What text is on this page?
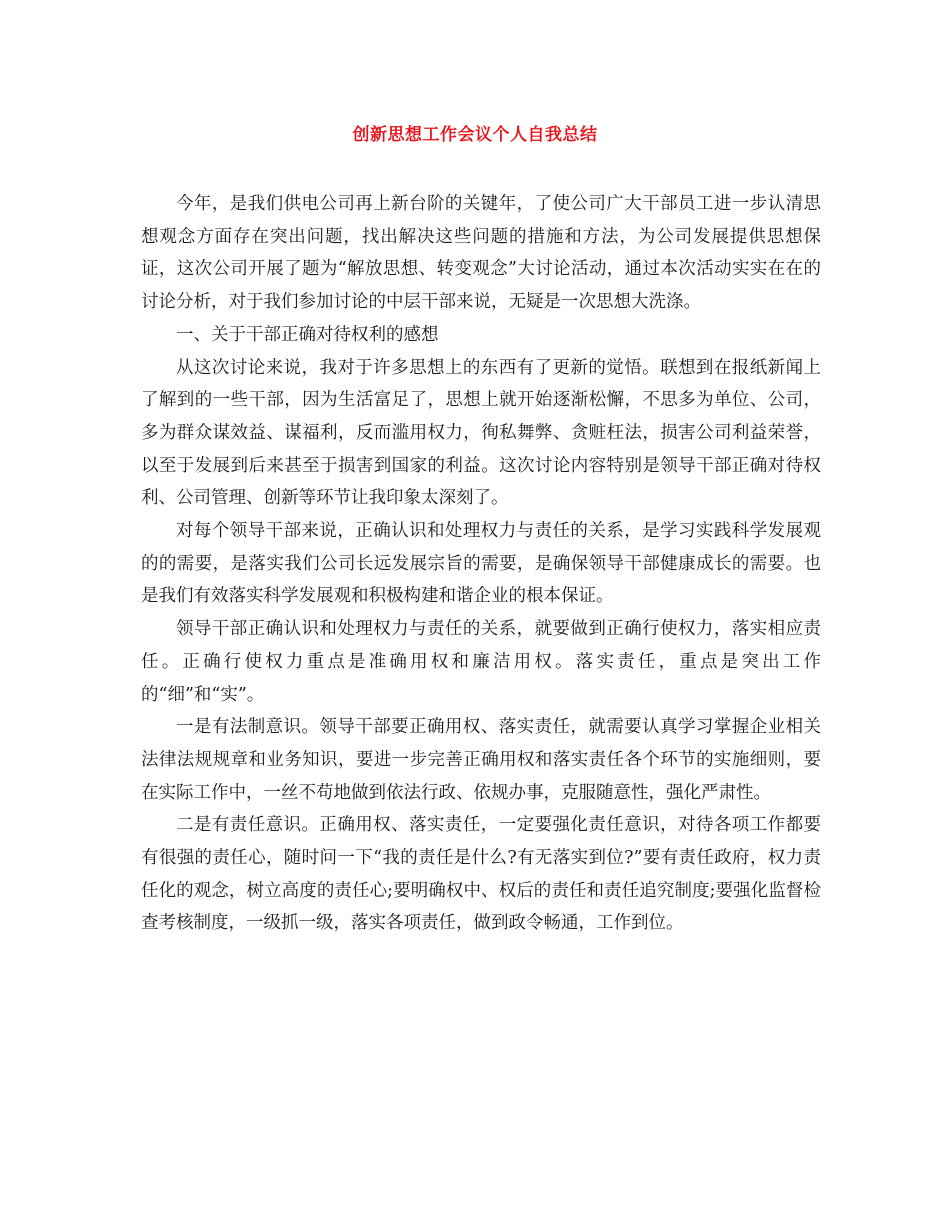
创新思想工作会议个人自我总结

今年，是我们供电公司再上新台阶的关键年，了使公司广大干部员工进一步认清思想观念方面存在突出问题，找出解决这些问题的措施和方法，为公司发展提供思想保证，这次公司开展了题为“解放思想、转变观念”大讨论活动，通过本次活动实实在在的讨论分析，对于我们参加讨论的中层干部来说，无疑是一次思想大洗涤。

一、关于干部正确对待权利的感想

从这次讨论来说，我对于许多思想上的东西有了更新的觉悟。联想到在报纸新闻上了解到的一些干部，因为生活富足了，思想上就开始逐渐松懈，不思多为单位、公司，多为群众谋效益、谋福利，反而滥用权力，徇私舞弊、贪赃枉法，损害公司利益荣誉，以至于发展到后来甚至于损害到国家的利益。这次讨论内容特别是领导干部正确对待权利、公司管理、创新等环节让我印象太深刻了。

对每个领导干部来说，正确认识和处理权力与责任的关系，是学习实践科学发展观的的需要，是落实我们公司长远发展宗旨的需要，是确保领导干部健康成长的需要。也是我们有效落实科学发展观和积极构建和谐企业的根本保证。

领导干部正确认识和处理权力与责任的关系，就要做到正确行使权力，落实相应责任。正确行使权力重点是准确用权和廉洁用权。落实责任，重点是突出工作的“细”和“实”。

一是有法制意识。领导干部要正确用权、落实责任，就需要认真学习掌握企业相关法律法规规章和业务知识，要进一步完善正确用权和落实责任各个环节的实施细则，要在实际工作中，一丝不苟地做到依法行政、依规办事，克服随意性，强化严肃性。

二是有责任意识。正确用权、落实责任，一定要强化责任意识，对待各项工作都要有很强的责任心，随时问一下“我的责任是什么?有无落实到位?”要有责任政府，权力责任化的观念，树立高度的责任心;要明确权中、权后的责任和责任追究制度;要强化监督检查考核制度，一级抓一级，落实各项责任，做到政令畅通，工作到位。
